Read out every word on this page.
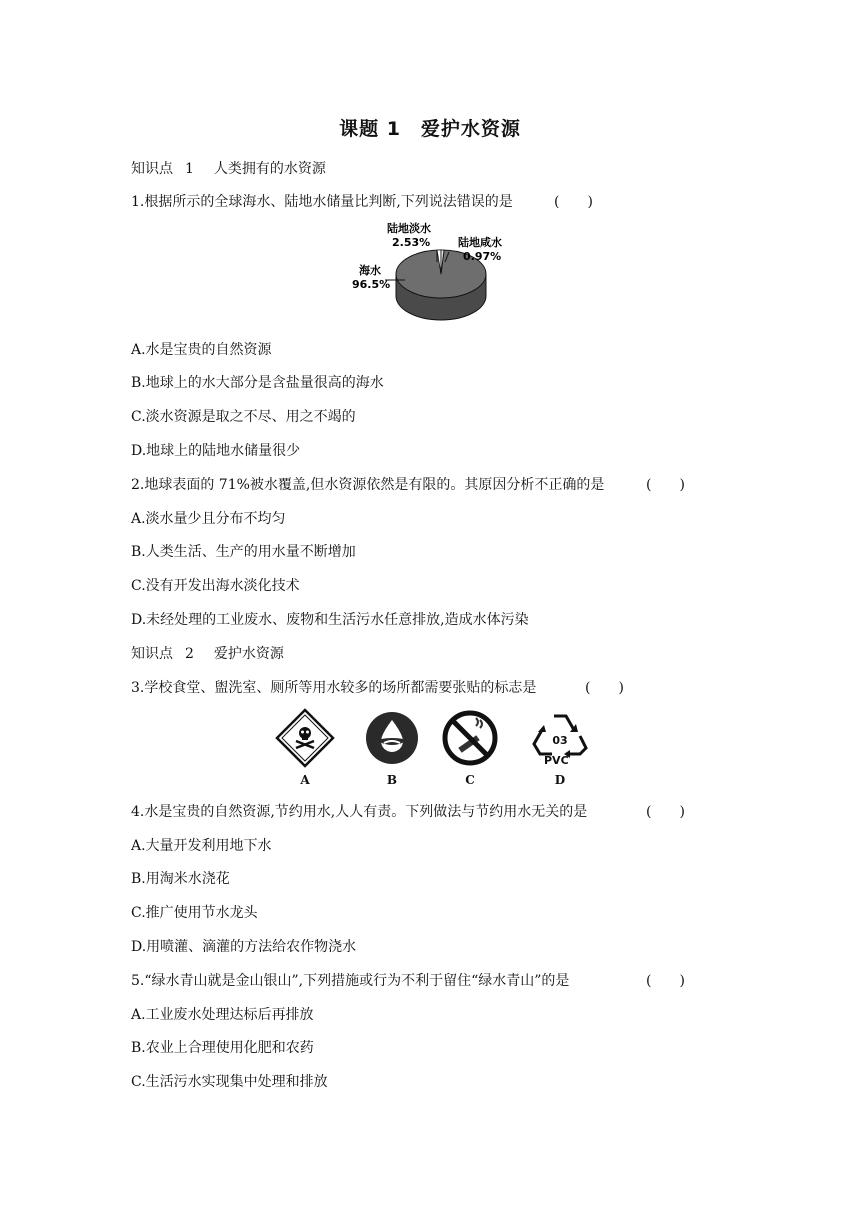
课题 1　爱护水资源
知识点 1 人类拥有的水资源
1.根据所示的全球海水、陆地水储量比判断,下列说法错误的是	(　　)
陆地淡水
2.53%	陆地咸水
0.97%
海水
96.5%
A.水是宝贵的自然资源
B.地球上的水大部分是含盐量很高的海水
C.淡水资源是取之不尽、用之不竭的
D.地球上的陆地水储量很少
2.地球表面的 71%被水覆盖,但水资源依然是有限的。其原因分析不正确的是	(　　)
A.淡水量少且分布不均匀
B.人类生活、生产的用水量不断增加
C.没有开发出海水淡化技术
D.未经处理的工业废水、废物和生活污水任意排放,造成水体污染
知识点 2 爱护水资源
3.学校食堂、盥洗室、厕所等用水较多的场所都需要张贴的标志是	(　　)
03
PVC
A	B	C	D
4.水是宝贵的自然资源,节约用水,人人有责。下列做法与节约用水无关的是	(　　)
A.大量开发利用地下水
B.用淘米水浇花
C.推广使用节水龙头
D.用喷灌、滴灌的方法给农作物浇水
5.“绿水青山就是金山银山”,下列措施或行为不利于留住“绿水青山”的是	(　　)
A.工业废水处理达标后再排放
B.农业上合理使用化肥和农药
C.生活污水实现集中处理和排放
